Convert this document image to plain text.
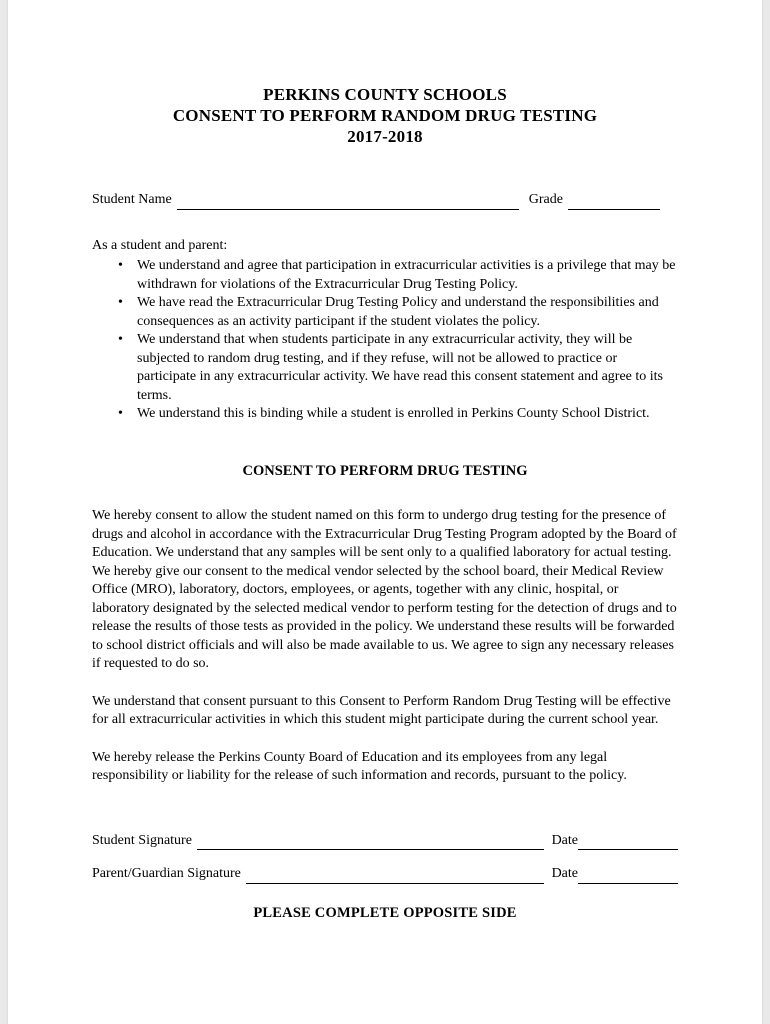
PERKINS COUNTY SCHOOLS
CONSENT TO PERFORM RANDOM DRUG TESTING
2017-2018
Student Name	Grade
As a student and parent:
•	We understand and agree that participation in extracurricular activities is a privilege that may be withdrawn for violations of the Extracurricular Drug Testing Policy.
•	We have read the Extracurricular Drug Testing Policy and understand the responsibilities and consequences as an activity participant if the student violates the policy.
•	We understand that when students participate in any extracurricular activity, they will be subjected to random drug testing, and if they refuse, will not be allowed to practice or participate in any extracurricular activity. We have read this consent statement and agree to its terms.
•	We understand this is binding while a student is enrolled in Perkins County School District.
CONSENT TO PERFORM DRUG TESTING

We hereby consent to allow the student named on this form to undergo drug testing for the presence of drugs and alcohol in accordance with the Extracurricular Drug Testing Program adopted by the Board of Education. We understand that any samples will be sent only to a qualified laboratory for actual testing. We hereby give our consent to the medical vendor selected by the school board, their Medical Review Office (MRO), laboratory, doctors, employees, or agents, together with any clinic, hospital, or laboratory designated by the selected medical vendor to perform testing for the detection of drugs and to release the results of those tests as provided in the policy. We understand these results will be forwarded to school district officials and will also be made available to us. We agree to sign any necessary releases if requested to do so.

We understand that consent pursuant to this Consent to Perform Random Drug Testing will be effective for all extracurricular activities in which this student might participate during the current school year.

We hereby release the Perkins County Board of Education and its employees from any legal responsibility or liability for the release of such information and records, pursuant to the policy.

Student Signature	Date
Parent/Guardian Signature	Date
PLEASE COMPLETE OPPOSITE SIDE
